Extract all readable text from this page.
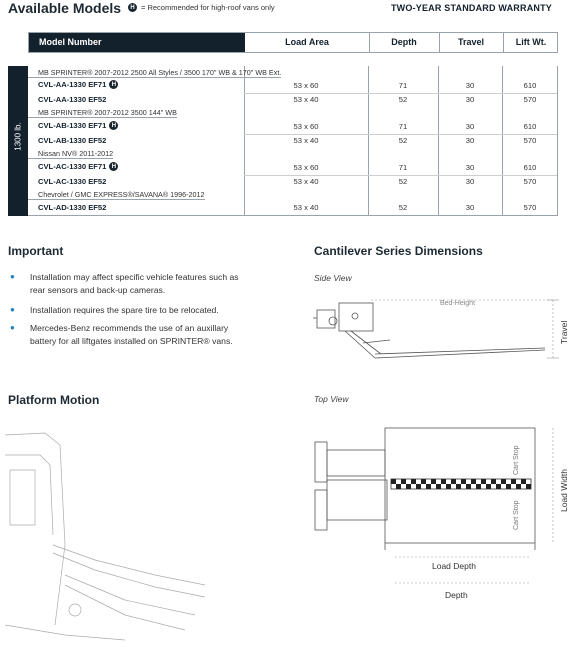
Available Models	H = Recommended for high-roof vans only	TWO-YEAR STANDARD WARRANTY
Model Number	Load Area	Depth	Travel	Lift Wt.
1300 lb.
MB SPRINTER® 2007-2012 2500 All Styles / 3500 170" WB & 170" WB Ext.
CVL-AA-1330 EF71 H	53 x 60	71	30	610
CVL-AA-1330 EF52	53 x 40	52	30	570
MB SPRINTER® 2007-2012 3500 144" WB
CVL-AB-1330 EF71 H	53 x 60	71	30	610
CVL-AB-1330 EF52	53 x 40	52	30	570
Nissan NV® 2011-2012
CVL-AC-1330 EF71 H	53 x 60	71	30	610
CVL-AC-1330 EF52	53 x 40	52	30	570
Chevrolet / GMC EXPRESS®/SAVANA® 1996-2012
CVL-AD-1330 EF52	53 x 40	52	30	570
Important
● Installation may affect specific vehicle features such as rear sensors and back-up cameras.
● Installation requires the spare tire to be relocated.
● Mercedes-Benz recommends the use of an auxillary battery for all liftgates installed on SPRINTER® vans.
Cantilever Series Dimensions
Side View
Top View
Bed-Height
Travel
Cart Stop
Cart Stop
Load Width
Load Depth
Depth
Platform Motion
